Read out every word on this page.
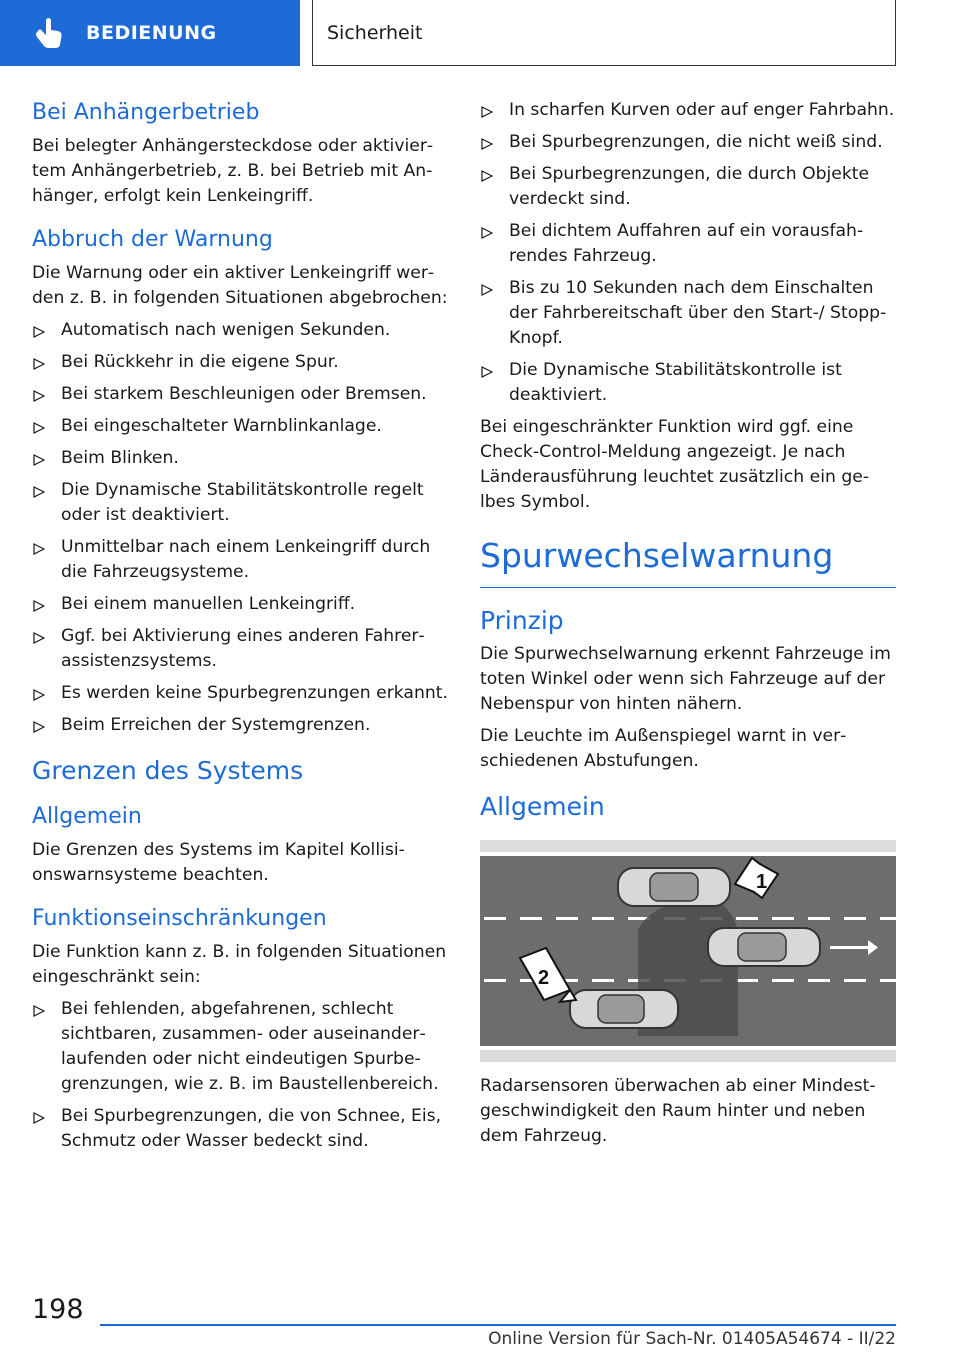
BEDIENUNG	Sicherheit
Bei Anhängerbetrieb

Bei belegter Anhängersteckdose oder aktiviertem Anhängerbetrieb, z. B. bei Betrieb mit Anhänger, erfolgt kein Lenkeingriff.

Abbruch der Warnung

Die Warnung oder ein aktiver Lenkeingriff werden z. B. in folgenden Situationen abgebrochen:

Automatisch nach wenigen Sekunden.
Bei Rückkehr in die eigene Spur.
Bei starkem Beschleunigen oder Bremsen.
Bei eingeschalteter Warnblinkanlage.
Beim Blinken.
Die Dynamische Stabilitätskontrolle regelt oder ist deaktiviert.
Unmittelbar nach einem Lenkeingriff durch die Fahrzeugsysteme.
Bei einem manuellen Lenkeingriff.
Ggf. bei Aktivierung eines anderen Fahrerassistenzsystems.
Es werden keine Spurbegrenzungen erkannt.
Beim Erreichen der Systemgrenzen.
Grenzen des Systems
Allgemein

Die Grenzen des Systems im Kapitel Kollisionswarnsysteme beachten.

Funktionseinschränkungen

Die Funktion kann z. B. in folgenden Situationen eingeschränkt sein:

Bei fehlenden, abgefahrenen, schlecht sichtbaren, zusammen- oder auseinanderlaufenden oder nicht eindeutigen Spurbegrenzungen, wie z. B. im Baustellenbereich.
Bei Spurbegrenzungen, die von Schnee, Eis, Schmutz oder Wasser bedeckt sind.
In scharfen Kurven oder auf enger Fahrbahn.
Bei Spurbegrenzungen, die nicht weiß sind.
Bei Spurbegrenzungen, die durch Objekte verdeckt sind.
Bei dichtem Auffahren auf ein vorausfahrendes Fahrzeug.
Bis zu 10 Sekunden nach dem Einschalten der Fahrbereitschaft über den Start-/ Stopp-Knopf.
Die Dynamische Stabilitätskontrolle ist deaktiviert.

Bei eingeschränkter Funktion wird ggf. eine Check-Control-Meldung angezeigt. Je nach Länderausführung leuchtet zusätzlich ein gelbes Symbol.

Spurwechselwarnung
Prinzip

Die Spurwechselwarnung erkennt Fahrzeuge im toten Winkel oder wenn sich Fahrzeuge auf der Nebenspur von hinten nähern.

Die Leuchte im Außenspiegel warnt in verschiedenen Abstufungen.

Allgemein
1
2

Radarsensoren überwachen ab einer Mindestgeschwindigkeit den Raum hinter und neben dem Fahrzeug.

198
Online Version für Sach-Nr. 01405A54674 - II/22
